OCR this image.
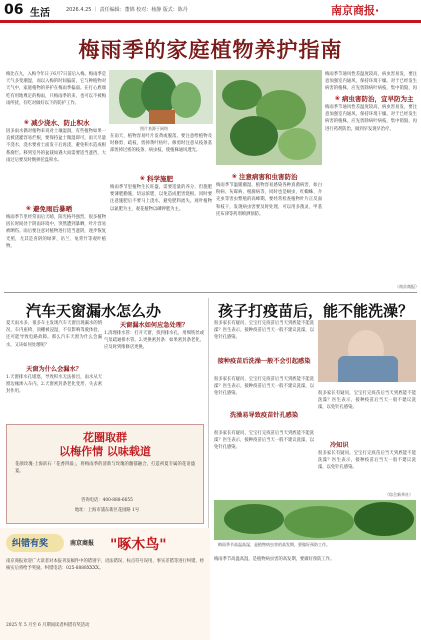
06 生活	2026.4.25 ｜ 责任编辑：董锦 校对：杨静 版式：陈丹	南京商报·
梅雨季的家庭植物养护指南
梅比在九，入梅今年日子6月7日前后入梅。梅雨季是天气多变潮湿，而以入梅的时间偏前，它与种植物对天气中，家庭植物的养护在梅雨季偏弱。在打心底端吃有用地尊定的梅雨，只梅雨季的来，也可以不被梅雨所扰，有吃对做好以下的防护工作。
❀ 减少浇水、防止积水
因多雨水偶对植物来说对土壤湿润，有些植物如果一直被浇灌容易烂根，要保持盆土微湿即可，雨天尽量不浇水，浇水要看土面发干后再浇，避免积水造成根系腐烂。移到室外的盆栽如遇大雨需要适当遮挡，大雨过后要及时倒掉托盘积水。
❀ 避免雨后暴晒
梅雨季节里经常雨后天晴，阳光格外强烈，很多植物因长时间处于阴雨环境中，突然遭到暴晒，叶片容易被晒伤。雨后要注意对植物进行适当遮阴，逐步恢复光照，尤其是喜阴的绿萝、吊兰、龟背竹等观叶植物。
图片来源于网络
在雨天，植物容易叶片发黄或脱落，要注意给植物及时修剪、疏枝，剪掉黄叶枯叶。修剪时注意从枝条基部剪掉过密的枝条、病虫枝，使植株通风透光。
❀ 科学施肥
梅雨季节里植物生长旺盛，需要适量的养分，但施肥要薄肥勤施，切忌浓肥，以免造成肥害烧根。同时要注意施肥后不要马上浇水，避免肥料流失。观叶植物以氮肥为主，观花植物以磷钾肥为主。
❀ 注意病害和虫害防治
梅雨季节温暖潮湿，植物容易感染各种真菌病害，如白粉病、灰霉病、根腐病等，同时也是蚜虫、红蜘蛛、介壳虫等害虫繁殖的高峰期。要经常检查植物叶片正反面和枝干，发现病虫害要及时处理，可以用多菌灵、甲基托布津等药剂喷洒预防。
梅雨季节通风性差温度较高，病虫害易发，要注意加强室内通风，保持环境干燥。对于已经发生病害的植株，应先剪除病叶病枝，集中销毁，再
❀ 病虫害防治，宜早防为主
梅雨季节通风性差温度较高，病虫害易发，要注意加强室内通风，保持环境干燥。对于已经发生病害的植株，应先剪除病叶病枝，集中销毁，再进行药剂防治，做到早发现早治疗。
（南京商报）
汽车天窗漏水怎么办
夏天雨水多，很多车主发现汽车天窗出现漏水的情况，车内座椅、顶棚被浸湿，不仅影响驾驶体验，还可能导致电路故障。那么汽车天窗为什么会漏水，又该如何处理呢？
天窗为什么会漏水？
1.天窗排水孔堵塞，导致积水无法排出，雨水从天窗边缘渗入车内。2.天窗密封条老化变形，失去密封作用。
天窗漏水如何应急处理？
1.清理排水管：打开天窗，找到排水孔，用细铁丝或气泵疏通排水管。2.更换密封条：如果密封条老化，应及时到维修店更换。
花圈取群
以梅作情 以味载道
花颜玫瑰·上海滨石「花香四溢」，将梅雨季的清新与玫瑰的馥郁融合，打造初夏专属的花语盛宴。
咨询电话：400-888-6655
地址：上海市浦东新区花园路 1号
孩子打疫苗后，能不能洗澡？
很多家长有疑问，宝宝打完疫苗后当天到底能不能洗澡？医生表示，接种疫苗后当天一般不建议洗澡，以免针孔感染。
接种疫苗后洗澡一般不会引起感染
很多家长有疑问，宝宝打完疫苗后当天到底能不能洗澡？医生表示，接种疫苗后当天一般不建议洗澡，以免针孔感染。
洗澡易导致疫苗针孔感染
很多家长有疑问，宝宝打完疫苗后当天到底能不能洗澡？医生表示，接种疫苗后当天一般不建议洗澡，以免针孔感染。
很多家长有疑问，宝宝打完疫苗后当天到底能不能洗澡？医生表示，接种疫苗后当天一般不建议洗澡，以免针孔感染。
冷知识
很多家长有疑问，宝宝打完疫苗后当天到底能不能洗澡？医生表示，接种疫苗后当天一般不建议洗澡，以免针孔感染。
（综合新华社）
梅雨季节高温高湿，是植物病虫害的高发期，要做好预防工作。
纠错有奖	"啄木鸟"
南京商报
南京商报欢迎广大读者对本报刊发稿件中的错别字、语法错误、标点符号误用、事实差错等进行纠错，经核实后将给予奖励。纠错电话：025-8888XXXX。
2025 年 5 月至 6 月期间读者纠错有奖活动
梅雨季节高温高湿，是植物病虫害的高发期，要做好预防工作。
